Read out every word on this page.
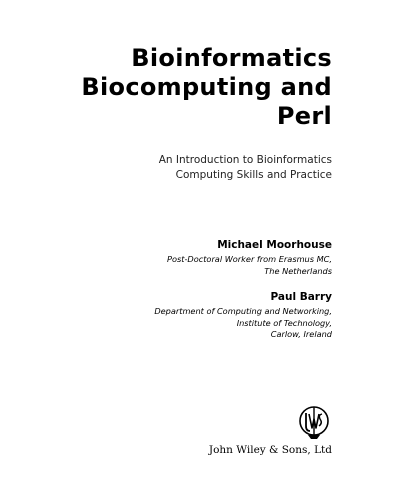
Bioinformatics
Biocomputing and
Perl
An Introduction to Bioinformatics
Computing Skills and Practice
Michael Moorhouse
Post-Doctoral Worker from Erasmus MC,
The Netherlands
Paul Barry
Department of Computing and Networking,
Institute of Technology,
Carlow, Ireland
John Wiley & Sons, Ltd
